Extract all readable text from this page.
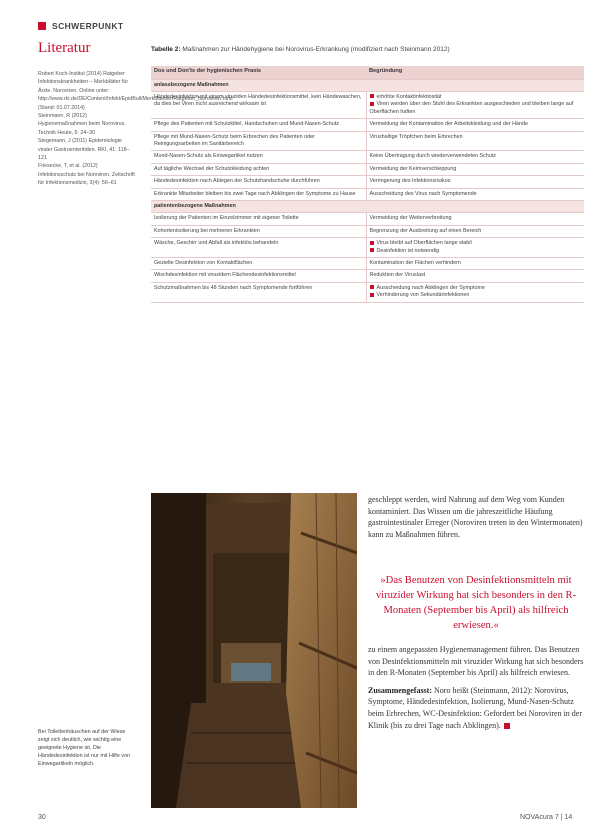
SCHWERPUNKT
Literatur

Robert Koch-Institut (2014) Ratgeber Infektionskrankheiten – Merkblätter für Ärzte. Noroviren. Online unter: http://www.rki.de/DE/Content/Infekt/EpidBull/Merkblaetter/Ratgeber_Noroviren.html (Stand: 01.07.2014)

Steinmann, R (2012) Hygienemaßnahmen beim Norovirus. Technik Heute, 6: 24–30

Stegemann, J (2011) Epidemiologie viraler Gastroenteritiden. RKI, 41: 118–121

Friesecke, T, et al. (2012) Infektionsschutz bei Noroviren. Zeitschrift für Infektionsmedizin, 3(4): 56–61

Tabelle 2: Maßnahmen zur Händehygiene bei Norovirus-Erkrankung (modifiziert nach Steinmann 2012)
Dos und Don'ts der hygienischen Praxis	Begründung
anlassbezogene Maßnahmen	
Händedesinfektion mit einem viruziden Händedesinfektionsmittel, kein Händewaschen, da dies bei Viren nicht ausreichend wirksam ist	erhöhte Kontaktinfektiosität
Viren werden über den Stuhl des Erkrankten ausgeschieden und bleiben lange auf Oberflächen haften

Pflege des Patienten mit Schutzkittel, Handschuhen und Mund-Nasen-Schutz	Vermeidung der Kontamination der Arbeitskleidung und der Hände

Pflege mit Mund-Nasen-Schutz beim Erbrechen des Patienten oder Reinigungsarbeiten im Sanitärbereich	Virushaltige Tröpfchen beim Erbrechen

Mund-Nasen-Schutz als Einwegartikel nutzen	Keine Übertragung durch wiederverwendeten Schutz

Auf tägliche Wechsel der Schutzkleidung achten	Vermeidung der Keimverschleppung

Händedesinfektion nach Ablegen der Schutzhandschuhe durchführen	Verringerung des Infektionsrisikos

Erkrankte Mitarbeiter bleiben bis zwei Tage nach Abklingen der Symptome zu Hause	Ausscheidung des Virus nach Symptomende

patientenbezogene Maßnahmen	
Isolierung der Patienten im Einzelzimmer mit eigener Toilette	Vermeidung der Weiterverbreitung

Kohortenisolierung bei mehreren Erkrankten	Begrenzung der Ausbreitung auf einen Bereich

Wäsche, Geschirr und Abfall als infektiös behandeln	Virus bleibt auf Oberflächen lange stabil
Desinfektion ist notwendig

Gezielte Desinfektion von Kontaktflächen	Kontamination der Flächen verhindern

Wischdesinfektion mit viruzidem Flächendesinfektionsmittel	Reduktion der Viruslast

Schutzmaßnahmen bis 48 Stunden nach Symptomende fortführen	Ausscheidung nach Abklingen der Symptome
Verhinderung von Sekundärinfektionen
Bei Toilettenhäuschen auf der Wiese zeigt sich deutlich, wie wichtig eine geeignete Hygiene ist. Die Händedesinfektion ist nur mit Hilfe von Einwegartikeln möglich.
geschleppt werden, wird Nahrung auf dem Weg vom Kunden kontaminiert. Das Wissen um die jahreszeitliche Häufung gastrointestinaler Erreger (Noroviren treten in den Wintermonaten) kann zu Maßnahmen führen.
»Das Benutzen von Desinfektionsmitteln mit viruzider Wirkung hat sich besonders in den R-Monaten (September bis April) als hilfreich erwiesen.«

zu einem angepassten Hygienemanagement führen. Das Benutzen von Desinfektionsmitteln mit viruzider Wirkung hat sich besonders in den R-Monaten (September bis April) als hilfreich erwiesen.

Zusammengefasst: Noro heißt (Steinmann, 2012): Norovirus, Symptome, Händedesinfektion, Isolierung, Mund-Nasen-Schutz beim Erbrechen, WC-Desinfektion: Gefordert bei Noroviren in der Klinik (bis zu drei Tage nach Abklingen).

30	NOVAcura 7 | 14
